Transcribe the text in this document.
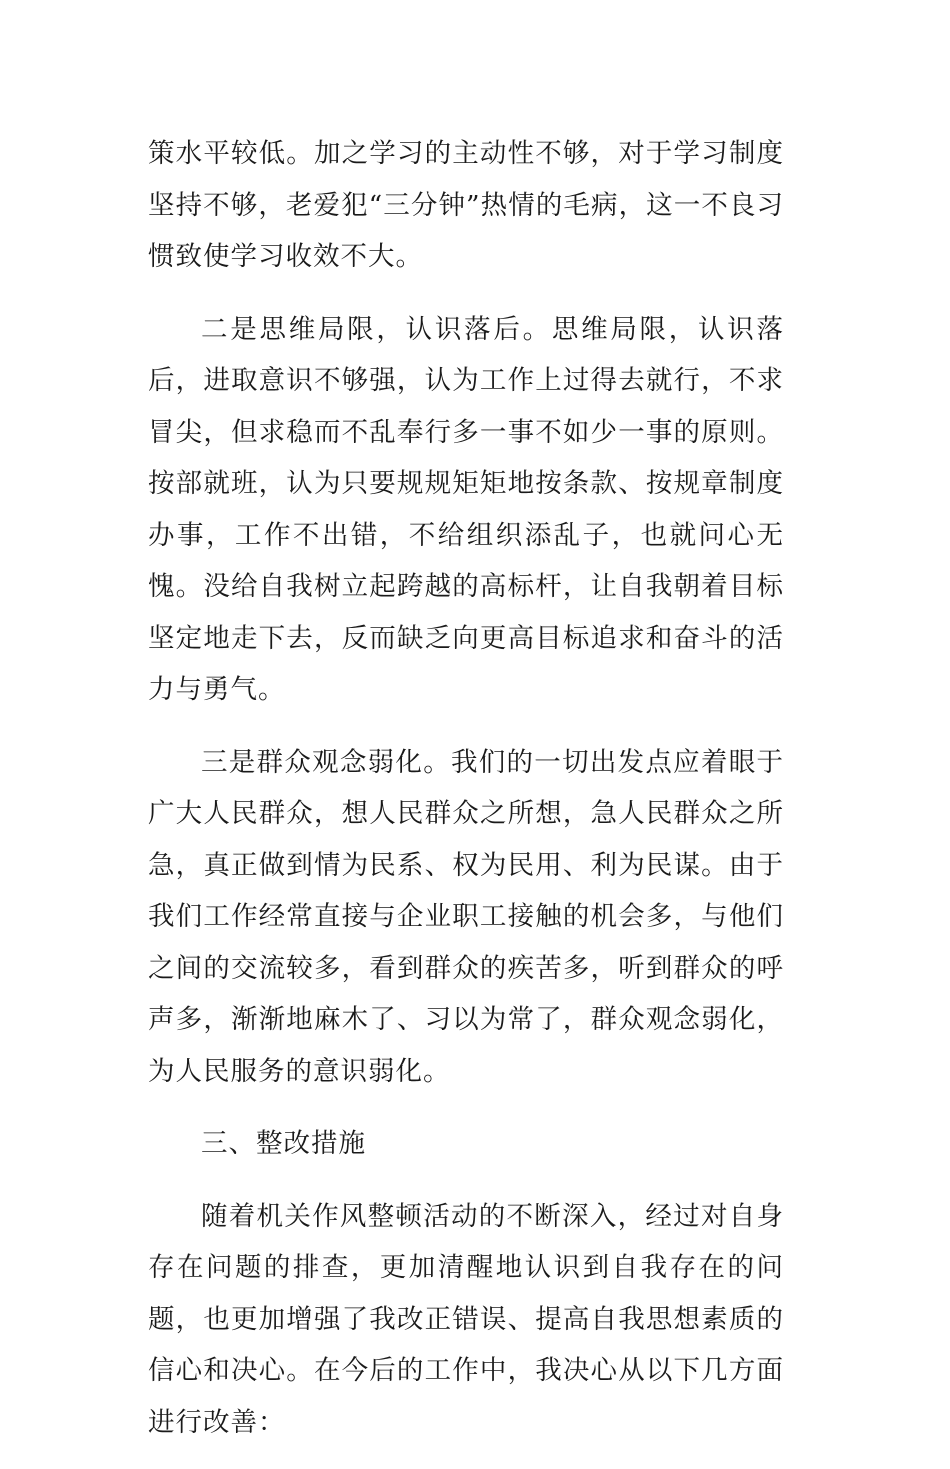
策水平较低。加之学习的主动性不够，对于学习制度坚持不够，老爱犯“三分钟”热情的毛病，这一不良习惯致使学习收效不大。

二是思维局限，认识落后。思维局限，认识落后，进取意识不够强，认为工作上过得去就行，不求冒尖，但求稳而不乱奉行多一事不如少一事的原则。按部就班，认为只要规规矩矩地按条款、按规章制度办事，工作不出错，不给组织添乱子，也就问心无愧。没给自我树立起跨越的高标杆，让自我朝着目标坚定地走下去，反而缺乏向更高目标追求和奋斗的活力与勇气。

三是群众观念弱化。我们的一切出发点应着眼于广大人民群众，想人民群众之所想，急人民群众之所急，真正做到情为民系、权为民用、利为民谋。由于我们工作经常直接与企业职工接触的机会多，与他们之间的交流较多，看到群众的疾苦多，听到群众的呼声多，渐渐地麻木了、习以为常了，群众观念弱化，为人民服务的意识弱化。

三、整改措施

随着机关作风整顿活动的不断深入，经过对自身存在问题的排查，更加清醒地认识到自我存在的问题，也更加增强了我改正错误、提高自我思想素质的信心和决心。在今后的工作中，我决心从以下几方面进行改善：
